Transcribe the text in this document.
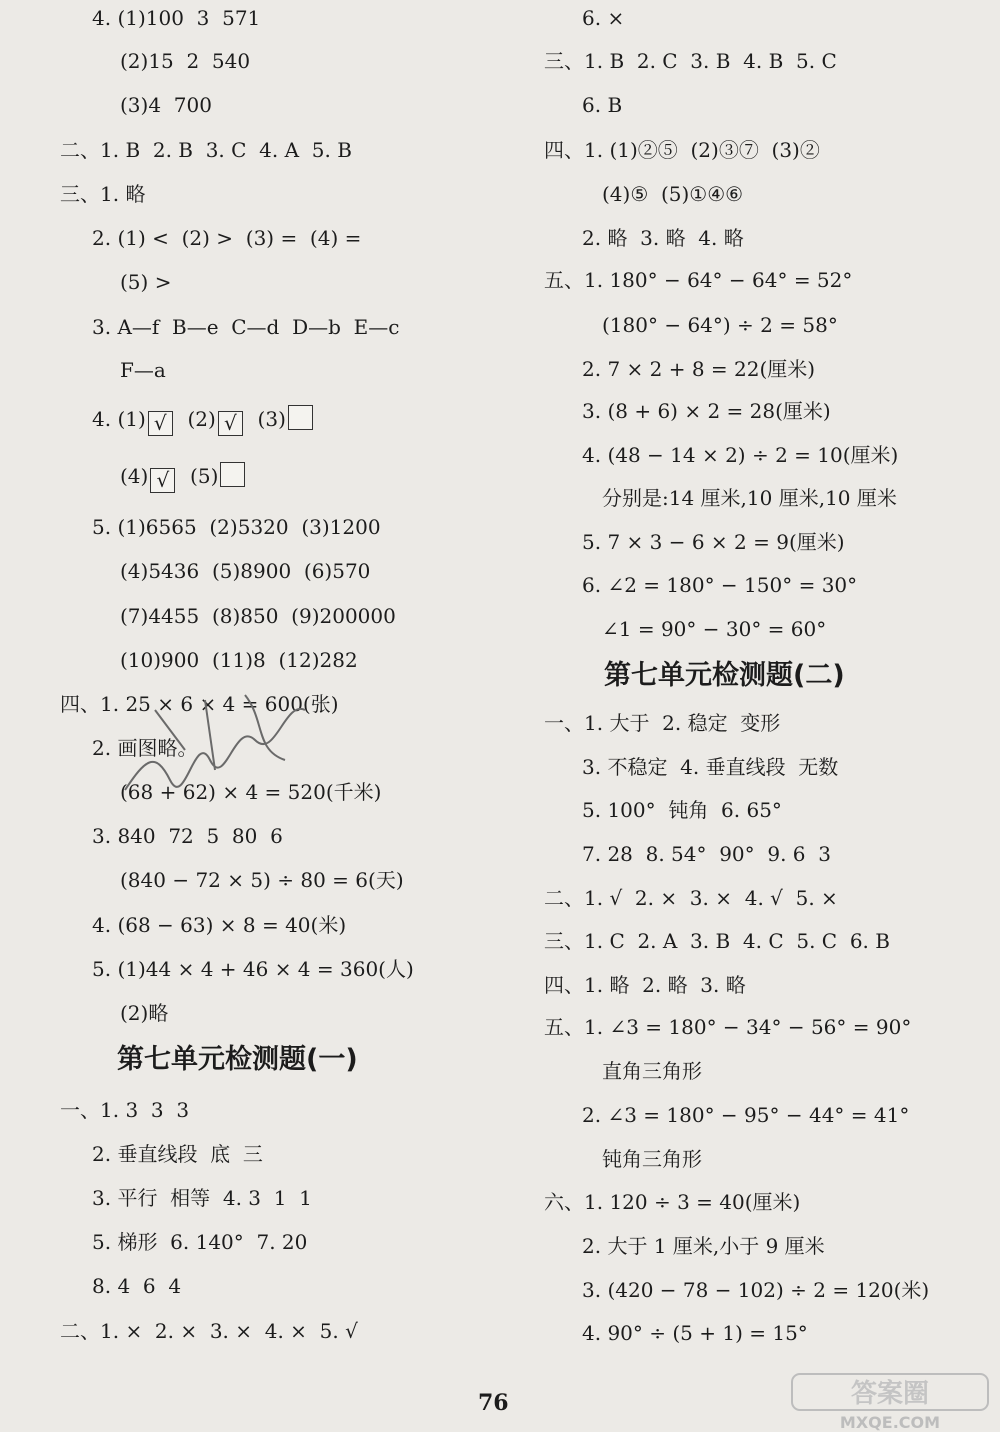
4. (1)100  3  571
(2)15  2  540
(3)4  700
二、1. B  2. B  3. C  4. A  5. B
三、1. 略
2. (1) <  (2) >  (3) =  (4) =
(5) >
3. A—f  B—e  C—d  D—b  E—c
F—a
5. (1)6565  (2)5320  (3)1200
(4)5436  (5)8900  (6)570
(7)4455  (8)850  (9)200000
(10)900  (11)8  (12)282
四、1. 25 × 6 × 4 = 600(张)
2. 画图略。
(68 + 62) × 4 = 520(千米)
3. 840  72  5  80  6
(840 − 72 × 5) ÷ 80 = 6(天)
4. (68 − 63) × 8 = 40(米)
5. (1)44 × 4 + 46 × 4 = 360(人)
(2)略
一、1. 3  3  3
2. 垂直线段  底  三
3. 平行  相等  4. 3  1  1
5. 梯形  6. 140°  7. 20
8. 4  6  4
二、1. ×  2. ×  3. ×  4. ×  5. √
第七单元检测题(一)
4. (1) √  (2) √  (3)
(4) √  (5)
6. ×
三、1. B  2. C  3. B  4. B  5. C
6. B
四、1. (1)②⑤  (2)③⑦  (3)②
(4)⑤  (5)①④⑥
2. 略  3. 略  4. 略
五、1. 180° − 64° − 64° = 52°
(180° − 64°) ÷ 2 = 58°
2. 7 × 2 + 8 = 22(厘米)
3. (8 + 6) × 2 = 28(厘米)
4. (48 − 14 × 2) ÷ 2 = 10(厘米)
分别是:14 厘米,10 厘米,10 厘米
5. 7 × 3 − 6 × 2 = 9(厘米)
6. ∠2 = 180° − 150° = 30°
∠1 = 90° − 30° = 60°
一、1. 大于  2. 稳定  变形
3. 不稳定  4. 垂直线段  无数
5. 100°  钝角  6. 65°
7. 28  8. 54°  90°  9. 6  3
二、1. √  2. ×  3. ×  4. √  5. ×
三、1. C  2. A  3. B  4. C  5. C  6. B
四、1. 略  2. 略  3. 略
五、1. ∠3 = 180° − 34° − 56° = 90°
直角三角形
2. ∠3 = 180° − 95° − 44° = 41°
钝角三角形
六、1. 120 ÷ 3 = 40(厘米)
2. 大于 1 厘米,小于 9 厘米
3. (420 − 78 − 102) ÷ 2 = 120(米)
4. 90° ÷ (5 + 1) = 15°
第七单元检测题(二)
76	答案圈
MXQE.COM
